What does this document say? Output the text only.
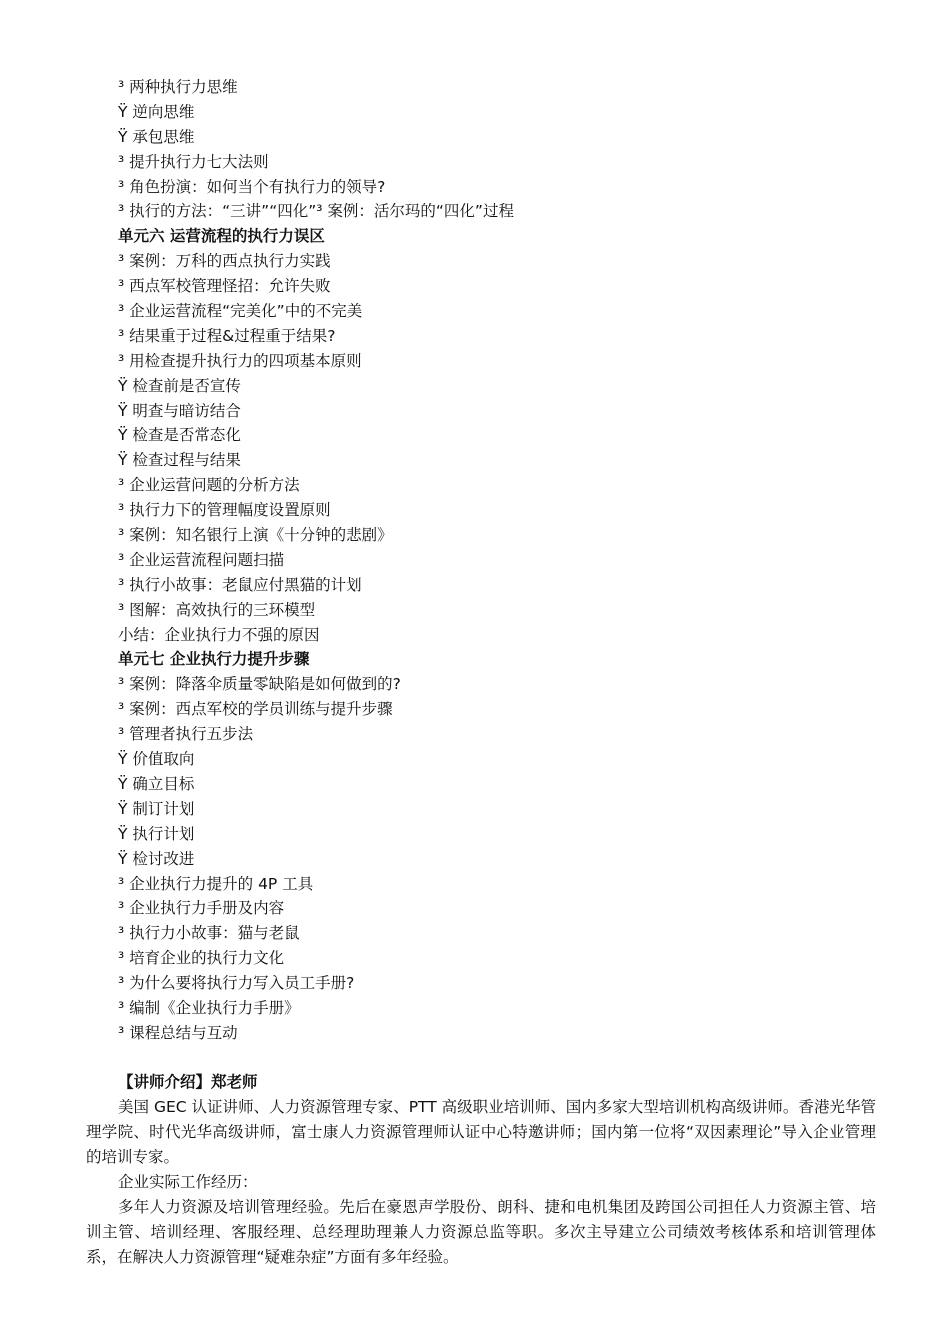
³ 两种执行力思维
Ÿ 逆向思维
Ÿ 承包思维
³ 提升执行力七大法则
³ 角色扮演：如何当个有执行力的领导?
³ 执行的方法：“三讲”“四化”³ 案例：活尔玛的“四化”过程
单元六 运营流程的执行力误区
³ 案例：万科的西点执行力实践
³ 西点军校管理怪招：允许失败
³ 企业运营流程“完美化”中的不完美
³ 结果重于过程&过程重于结果?
³ 用检查提升执行力的四项基本原则
Ÿ 检查前是否宣传
Ÿ 明查与暗访结合
Ÿ 检查是否常态化
Ÿ 检查过程与结果
³ 企业运营问题的分析方法
³ 执行力下的管理幅度设置原则
³ 案例：知名银行上演《十分钟的悲剧》
³ 企业运营流程问题扫描
³ 执行小故事：老鼠应付黑猫的计划
³ 图解：高效执行的三环模型
小结：企业执行力不强的原因
单元七 企业执行力提升步骤
³ 案例：降落伞质量零缺陷是如何做到的?
³ 案例：西点军校的学员训练与提升步骤
³ 管理者执行五步法
Ÿ 价值取向
Ÿ 确立目标
Ÿ 制订计划
Ÿ 执行计划
Ÿ 检讨改进
³ 企业执行力提升的 4P 工具
³ 企业执行力手册及内容
³ 执行力小故事：猫与老鼠
³ 培育企业的执行力文化
³ 为什么要将执行力写入员工手册?
³ 编制《企业执行力手册》
³ 课程总结与互动
【讲师介绍】郑老师
美国 GEC 认证讲师、人力资源管理专家、PTT 高级职业培训师、国内多家大型培训机构高级讲师。香港光华管理学院、时代光华高级讲师，富士康人力资源管理师认证中心特邀讲师；国内第一位将“双因素理论”导入企业管理的培训专家。
企业实际工作经历：
多年人力资源及培训管理经验。先后在豪恩声学股份、朗科、捷和电机集团及跨国公司担任人力资源主管、培训主管、培训经理、客服经理、总经理助理兼人力资源总监等职。多次主导建立公司绩效考核体系和培训管理体系，在解决人力资源管理“疑难杂症”方面有多年经验。
